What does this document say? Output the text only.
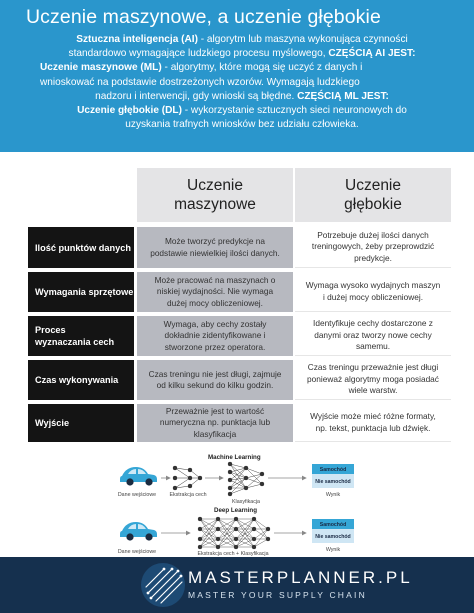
Uczenie maszynowe, a uczenie głębokie

Sztuczna inteligencja (AI) - algorytm lub maszyna wykonująca czynności

standardowo wymagające ludzkiego procesu myślowego, CZĘŚCIĄ AI JEST:

Uczenie maszynowe (ML) - algorytmy, które mogą się uczyć z danych i

wnioskować na podstawie dostrzeżonych wzorów. Wymagają ludzkiego

nadzoru i interwencji, gdy wnioski są błędne. CZĘŚCIĄ ML JEST:

Uczenie głębokie (DL) - wykorzystanie sztucznych sieci neuronowych do

uzyskania trafnych wniosków bez udziału człowieka.

Uczenie maszynowe
Uczenie głębokie
Ilość punktów danych
Może tworzyć predykcje na podstawie niewielkiej ilości danych.
Potrzebuje dużej ilości danych treningowych, żeby przeprowdzić predykcje.
Wymagania sprzętowe
Może pracować na maszynach o niskiej wydajności. Nie wymaga dużej mocy obliczeniowej.
Wymaga wysoko wydajnych maszyn i dużej mocy obliczeniowej.
Proces wyznaczania cech
Wymaga, aby cechy zostały dokładnie zidentyfikowane i stworzone przez operatora.
Identyfikuje cechy dostarczone z danymi oraz tworzy nowe cechy samemu.
Czas wykonywania
Czas treningu nie jest długi, zajmuje od kilku sekund do kilku godzin.
Czas treningu przeważnie jest długi ponieważ algorytmy moga posiadać wiele warstw.
Wyjście
Przeważnie jest to wartość numeryczna np. punktacja lub klasyfikacja
Wyjście może mieć różne formaty, np. tekst, punktacja lub dźwięk.
Machine Learning
Samochód
Nie samochód
Dane wejściowe	Ekstrakcja cech
Klasyfikacja
Wynik
Deep Learning
Samochód
Nie samochód
Dane wejściowe	Ekstrakcja cech + Klasyfikacja
Wynik
MASTERPLANNER.PL
MASTER YOUR SUPPLY CHAIN
